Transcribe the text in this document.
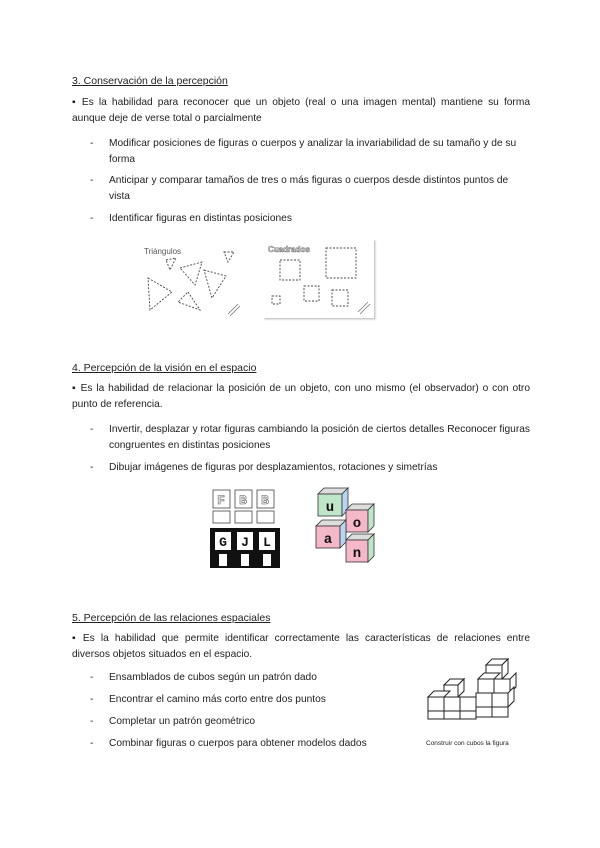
3. Conservación de la percepción
▪ Es la habilidad para reconocer que un objeto (real o una imagen mental) mantiene su forma aunque deje de verse total o parcialmente
- Modificar posiciones de figuras o cuerpos y analizar la invariabilidad de su tamaño y de su forma
- Anticipar y comparar tamaños de tres o más figuras o cuerpos desde distintos puntos de vista
- Identificar figuras en distintas posiciones
Triángulos	Cuadrados
4. Percepción de la visión en el espacio
▪ Es la habilidad de relacionar la posición de un objeto, con uno mismo (el observador) o con otro punto de referencia.
- Invertir, desplazar y rotar figuras cambiando la posición de ciertos detalles Reconocer figuras congruentes en distintas posiciones
- Dibujar imágenes de figuras por desplazamientos, rotaciones y simetrías
F B B
G J L
u
o
a
n
5. Percepción de las relaciones espaciales
▪ Es la habilidad que permite identificar correctamente las características de relaciones entre diversos objetos situados en el espacio.
- Ensamblados de cubos según un patrón dado
- Encontrar el camino más corto entre dos puntos
- Completar un patrón geométrico
- Combinar figuras o cuerpos para obtener modelos dados	Construir con cubos la figura
